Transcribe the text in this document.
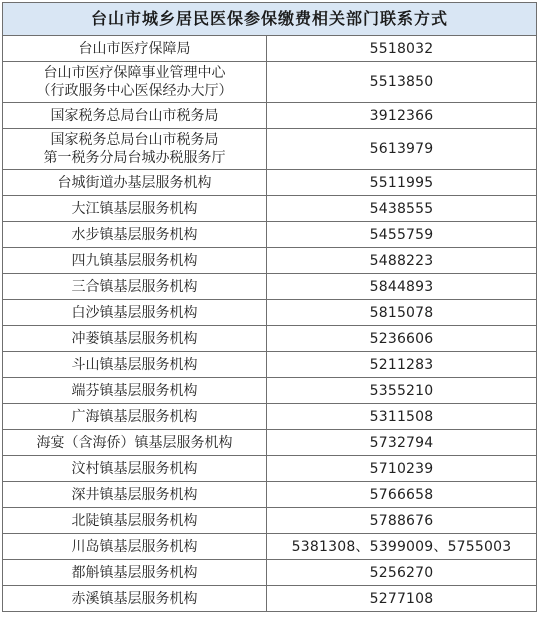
台山市城乡居民医保参保缴费相关部门联系方式	

台山市医疗保障局	5518032

台山市医疗保障事业管理中心
（行政服务中心医保经办大厅）	5513850

国家税务总局台山市税务局	3912366

国家税务总局台山市税务局
第一税务分局台城办税服务厅	5613979

台城街道办基层服务机构	5511995

大江镇基层服务机构	5438555

水步镇基层服务机构	5455759

四九镇基层服务机构	5488223

三合镇基层服务机构	5844893

白沙镇基层服务机构	5815078

冲蒌镇基层服务机构	5236606

斗山镇基层服务机构	5211283

端芬镇基层服务机构	5355210

广海镇基层服务机构	5311508

海宴（含海侨）镇基层服务机构	5732794

汶村镇基层服务机构	5710239

深井镇基层服务机构	5766658

北陡镇基层服务机构	5788676

川岛镇基层服务机构	5381308、5399009、5755003

都斛镇基层服务机构	5256270

赤溪镇基层服务机构	5277108
